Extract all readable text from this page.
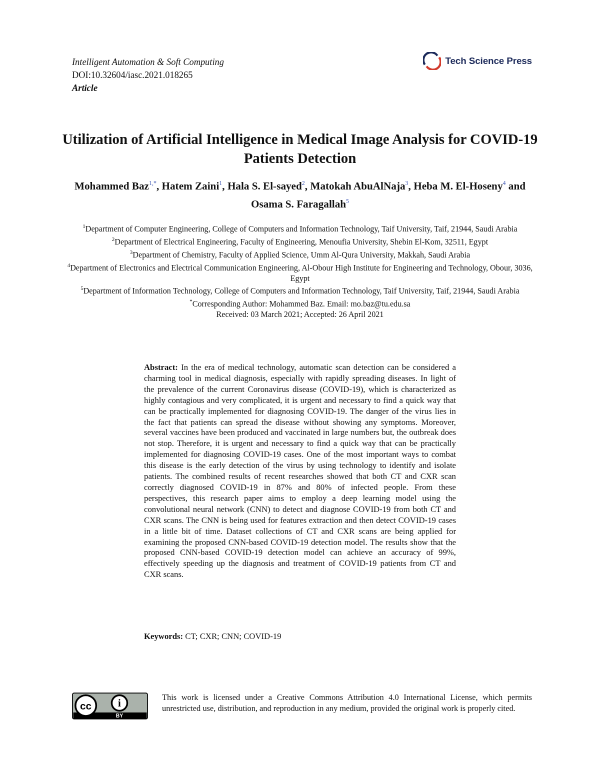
Intelligent Automation & Soft Computing
DOI:10.32604/iasc.2021.018265
Article
Tech Science Press
Utilization of Artificial Intelligence in Medical Image Analysis for COVID-19
Patients Detection
Mohammed Baz$^{1,*}$, Hatem Zaini$^1$, Hala S. El-sayed$^2$, Matokah AbuAlNaja$^3$, Heba M. El-Hoseny$^4$ and Osama S. Faragallah$^5$
$^1$Department of Computer Engineering, College of Computers and Information Technology, Taif University, Taif, 21944, Saudi Arabia
$^2$Department of Electrical Engineering, Faculty of Engineering, Menoufia University, Shebin El-Kom, 32511, Egypt
$^3$Department of Chemistry, Faculty of Applied Science, Umm Al-Qura University, Makkah, Saudi Arabia
$^4$Department of Electronics and Electrical Communication Engineering, Al-Obour High Institute for Engineering and Technology, Obour, 3036, Egypt
$^5$Department of Information Technology, College of Computers and Information Technology, Taif University, Taif, 21944, Saudi Arabia
*Corresponding Author: Mohammed Baz. Email: mo.baz@tu.edu.sa
Received: 03 March 2021; Accepted: 26 April 2021
Abstract: In the era of medical technology, automatic scan detection can be considered a charming tool in medical diagnosis, especially with rapidly spreading diseases. In light of the prevalence of the current Coronavirus disease (COVID-19), which is characterized as highly contagious and very complicated, it is urgent and necessary to find a quick way that can be practically implemented for diagnosing COVID-19. The danger of the virus lies in the fact that patients can spread the disease without showing any symptoms. Moreover, several vaccines have been produced and vaccinated in large numbers but, the outbreak does not stop. Therefore, it is urgent and necessary to find a quick way that can be practically implemented for diagnosing COVID-19 cases. One of the most important ways to combat this disease is the early detection of the virus by using technology to identify and isolate patients. The combined results of recent researches showed that both CT and CXR scan correctly diagnosed COVID-19 in 87% and 80% of infected people. From these perspectives, this research paper aims to employ a deep learning model using the convolutional neural network (CNN) to detect and diagnose COVID-19 from both CT and CXR scans. The CNN is being used for features extraction and then detect COVID-19 cases in a little bit of time. Dataset collections of CT and CXR scans are being applied for examining the proposed CNN-based COVID-19 detection model. The results show that the proposed CNN-based COVID-19 detection model can achieve an accuracy of 99%, effectively speeding up the diagnosis and treatment of COVID-19 patients from CT and CXR scans.
Keywords: CT; CXR; CNN; COVID-19
cc i
BY
This work is licensed under a Creative Commons Attribution 4.0 International License, which permits unrestricted use, distribution, and reproduction in any medium, provided the original work is properly cited.
